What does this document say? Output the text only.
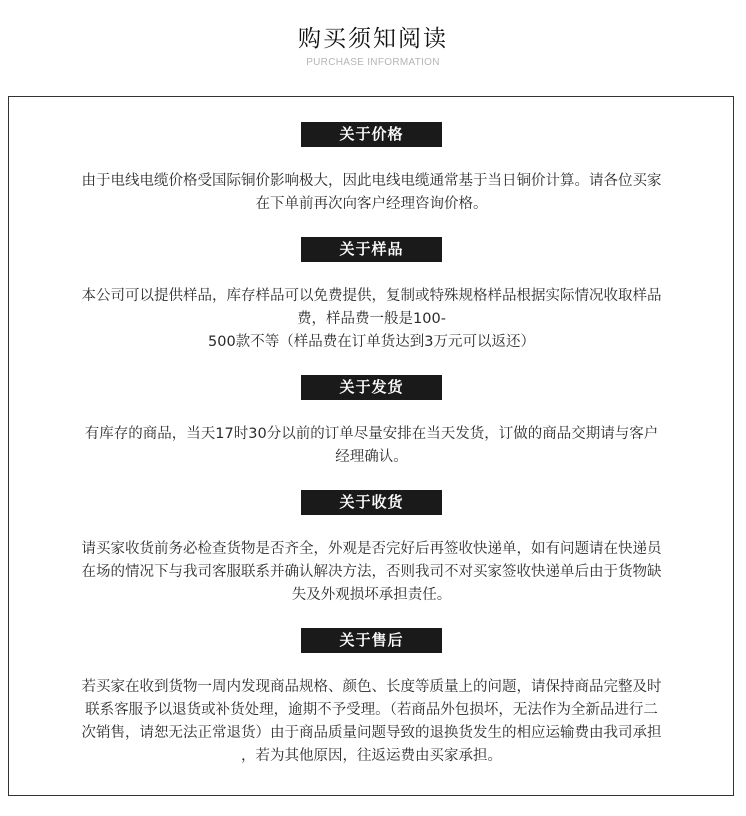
购买须知阅读
PURCHASE INFORMATION
关于价格
由于电线电缆价格受国际铜价影响极大，因此电线电缆通常基于当日铜价计算。请各位买家
在下单前再次向客户经理咨询价格。
关于样品
本公司可以提供样品，库存样品可以免费提供，复制或特殊规格样品根据实际情况收取样品
费，样品费一般是100-
500款不等（样品费在订单货达到3万元可以返还）
关于发货
有库存的商品，当天17时30分以前的订单尽量安排在当天发货，订做的商品交期请与客户
经理确认。
关于收货
请买家收货前务必检查货物是否齐全，外观是否完好后再签收快递单，如有问题请在快递员
在场的情况下与我司客服联系并确认解决方法，否则我司不对买家签收快递单后由于货物缺
失及外观损坏承担责任。
关于售后
若买家在收到货物一周内发现商品规格、颜色、长度等质量上的问题，请保持商品完整及时
联系客服予以退货或补货处理，逾期不予受理。（若商品外包损坏，无法作为全新品进行二
次销售，请恕无法正常退货）由于商品质量问题导致的退换货发生的相应运输费由我司承担
，若为其他原因，往返运费由买家承担。
